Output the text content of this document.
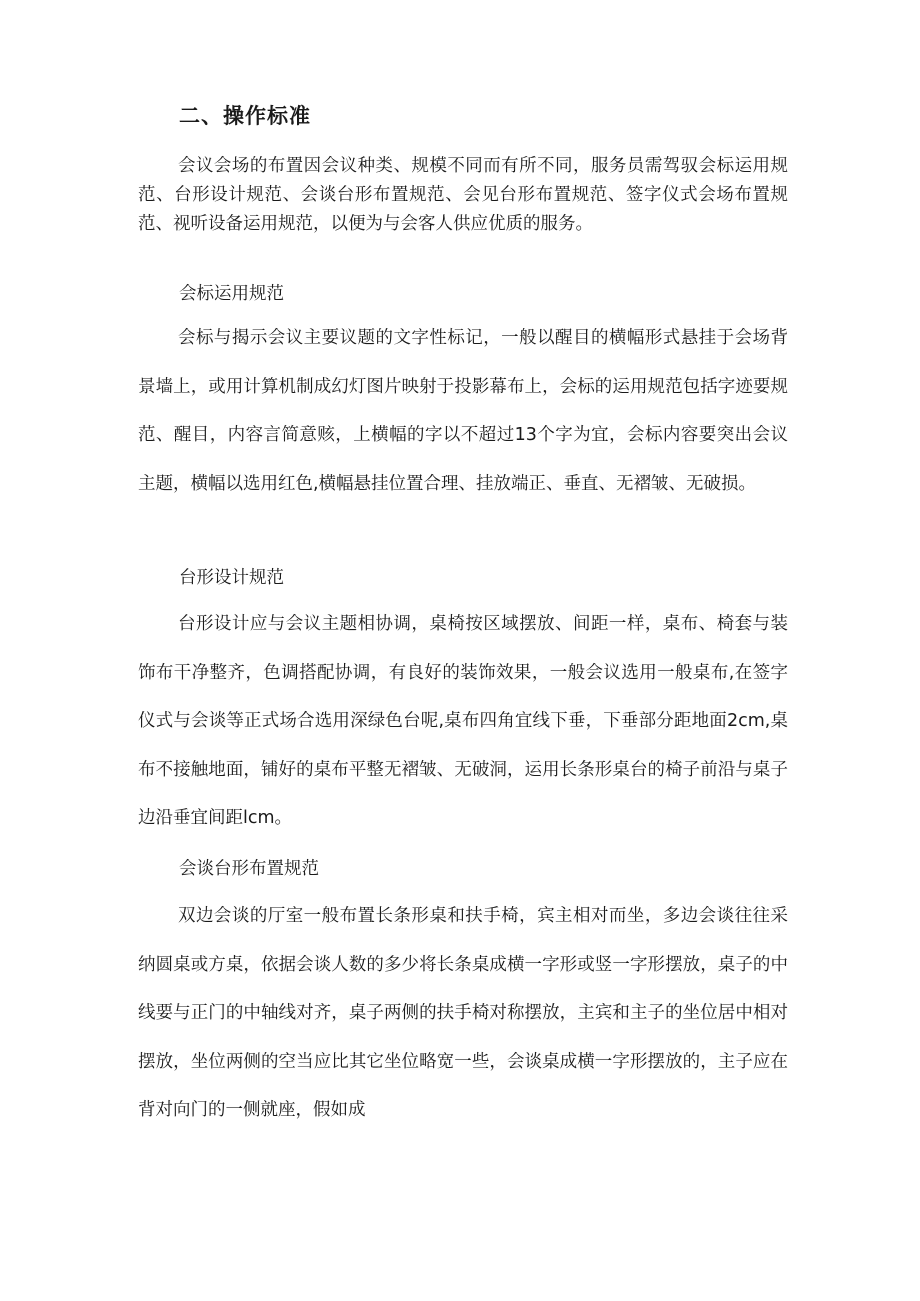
二、操作标准

会议会场的布置因会议种类、规模不同而有所不同，服务员需驾驭会标运用规范、台形设计规范、会谈台形布置规范、会见台形布置规范、签字仪式会场布置规范、视听设备运用规范，以便为与会客人供应优质的服务。

会标运用规范

会标与揭示会议主要议题的文字性标记，一般以醒目的横幅形式悬挂于会场背景墙上，或用计算机制成幻灯图片映射于投影幕布上，会标的运用规范包括字迹要规范、醒目，内容言简意赅，上横幅的字以不超过13个字为宜，会标内容要突出会议主题，横幅以选用红色,横幅悬挂位置合理、挂放端正、垂直、无褶皱、无破损。

台形设计规范

台形设计应与会议主题相协调，桌椅按区域摆放、间距一样，桌布、椅套与装饰布干净整齐，色调搭配协调，有良好的装饰效果，一般会议选用一般桌布,在签字仪式与会谈等正式场合选用深绿色台呢,桌布四角宜线下垂，下垂部分距地面2cm,桌布不接触地面，铺好的桌布平整无褶皱、无破洞，运用长条形桌台的椅子前沿与桌子边沿垂宜间距lcm。

会谈台形布置规范

双边会谈的厅室一般布置长条形桌和扶手椅，宾主相对而坐，多边会谈往往采纳圆桌或方桌，依据会谈人数的多少将长条桌成横一字形或竖一字形摆放，桌子的中线要与正门的中轴线对齐，桌子两侧的扶手椅对称摆放，主宾和主子的坐位居中相对摆放，坐位两侧的空当应比其它坐位略宽一些，会谈桌成横一字形摆放的，主子应在背对向门的一侧就座，假如成
